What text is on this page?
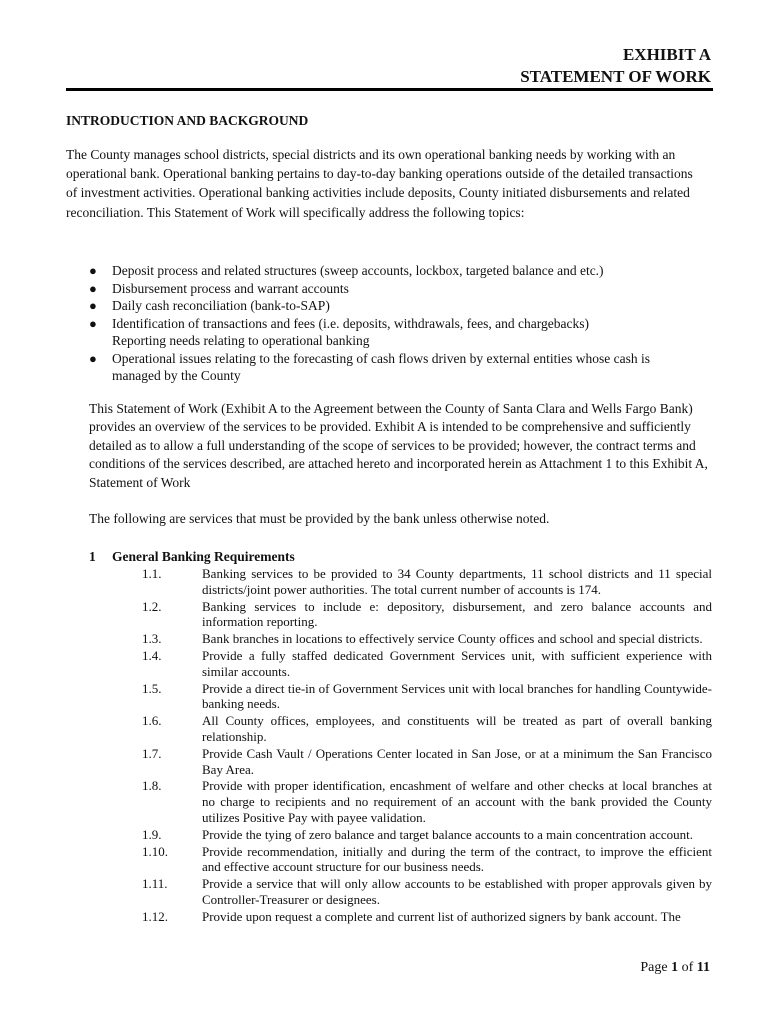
EXHIBIT A
STATEMENT OF WORK
INTRODUCTION AND BACKGROUND
The County manages school districts, special districts and its own operational banking needs by working with an operational bank. Operational banking pertains to day-to-day banking operations outside of the detailed transactions of investment activities. Operational banking activities include deposits, County initiated disbursements and related reconciliation. This Statement of Work will specifically address the following topics:
● Deposit process and related structures (sweep accounts, lockbox, targeted balance and etc.)
● Disbursement process and warrant accounts
● Daily cash reconciliation (bank-to-SAP)
● Identification of transactions and fees (i.e. deposits, withdrawals, fees, and chargebacks)
Reporting needs relating to operational banking
● Operational issues relating to the forecasting of cash flows driven by external entities whose cash is managed by the County
This Statement of Work (Exhibit A to the Agreement between the County of Santa Clara and Wells Fargo Bank) provides an overview of the services to be provided. Exhibit A is intended to be comprehensive and sufficiently detailed as to allow a full understanding of the scope of services to be provided; however, the contract terms and conditions of the services described, are attached hereto and incorporated herein as Attachment 1 to this Exhibit A, Statement of Work
The following are services that must be provided by the bank unless otherwise noted.
1 General Banking Requirements
1.1.	Banking services to be provided to 34 County departments, 11 school districts and 11 special districts/joint power authorities. The total current number of accounts is 174.
1.2.	Banking services to include e: depository, disbursement, and zero balance accounts and information reporting.
1.3.	Bank branches in locations to effectively service County offices and school and special districts.
1.4.	Provide a fully staffed dedicated Government Services unit, with sufficient experience with similar accounts.
1.5.	Provide a direct tie-in of Government Services unit with local branches for handling Countywide-banking needs.
1.6.	All County offices, employees, and constituents will be treated as part of overall banking relationship.
1.7.	Provide Cash Vault / Operations Center located in San Jose, or at a minimum the San Francisco Bay Area.
1.8.	Provide with proper identification, encashment of welfare and other checks at local branches at no charge to recipients and no requirement of an account with the bank provided the County utilizes Positive Pay with payee validation.
1.9.	Provide the tying of zero balance and target balance accounts to a main concentration account.
1.10.	Provide recommendation, initially and during the term of the contract, to improve the efficient and effective account structure for our business needs.
1.11.	Provide a service that will only allow accounts to be established with proper approvals given by Controller-Treasurer or designees.
1.12.	Provide upon request a complete and current list of authorized signers by bank account. The
Page 1 of 11
